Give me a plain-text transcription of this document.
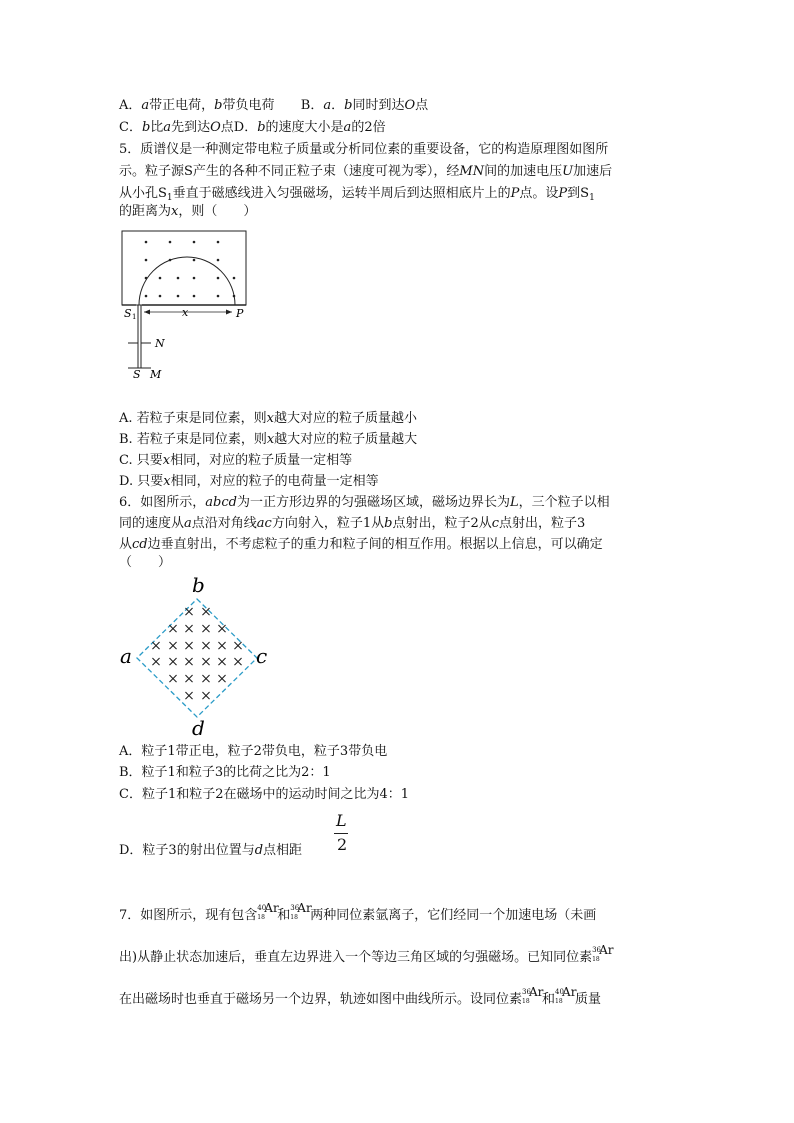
A．a带正电荷，b带负电荷 B．a．b同时到达O点
C．b比a先到达O点D．b的速度大小是a的2倍
5．质谱仪是一种测定带电粒子质量或分析同位素的重要设备，它的构造原理图如图所
示。粒子源S产生的各种不同正粒子束（速度可视为零），经MN间的加速电压U加速后
从小孔$S_1$垂直于磁感线进入匀强磁场，运转半周后到达照相底片上的P点。设P到$S_1$
的距离为x，则（　　）
S 1	x	P
N
S M
A. 若粒子束是同位素，则x越大对应的粒子质量越小
B. 若粒子束是同位素，则x越大对应的粒子质量越大
C. 只要x相同，对应的粒子质量一定相等
D. 只要x相同，对应的粒子的电荷量一定相等
6．如图所示，abcd为一正方形边界的匀强磁场区域，磁场边界长为L，三个粒子以相
同的速度从a点沿对角线ac方向射入，粒子1从b点射出，粒子2从c点射出，粒子3
从cd边垂直射出，不考虑粒子的重力和粒子间的相互作用。根据以上信息，可以确定
（　　）
× ×
× × × ×
× × × × × ×
× × × × × ×
× × × ×
× ×
b
a	c
d
A．粒子1带正电，粒子2带负电，粒子3带负电
B．粒子1和粒子3的比荷之比为2：1
C．粒子1和粒子2在磁场中的运动时间之比为4：1
D．粒子3的射出位置与d点相距
L
2
7．如图所示，现有包含 40
18
Ar
和 36
18
Ar
两种同位素氩离子，它们经同一个加速电场（未画
出)从静止状态加速后，垂直左边界进入一个等边三角区域的匀强磁场。已知同位素 36
18
Ar
在出磁场时也垂直于磁场另一个边界，轨迹如图中曲线所示。设同位素 36
18
Ar
和 40
18
Ar
质量
